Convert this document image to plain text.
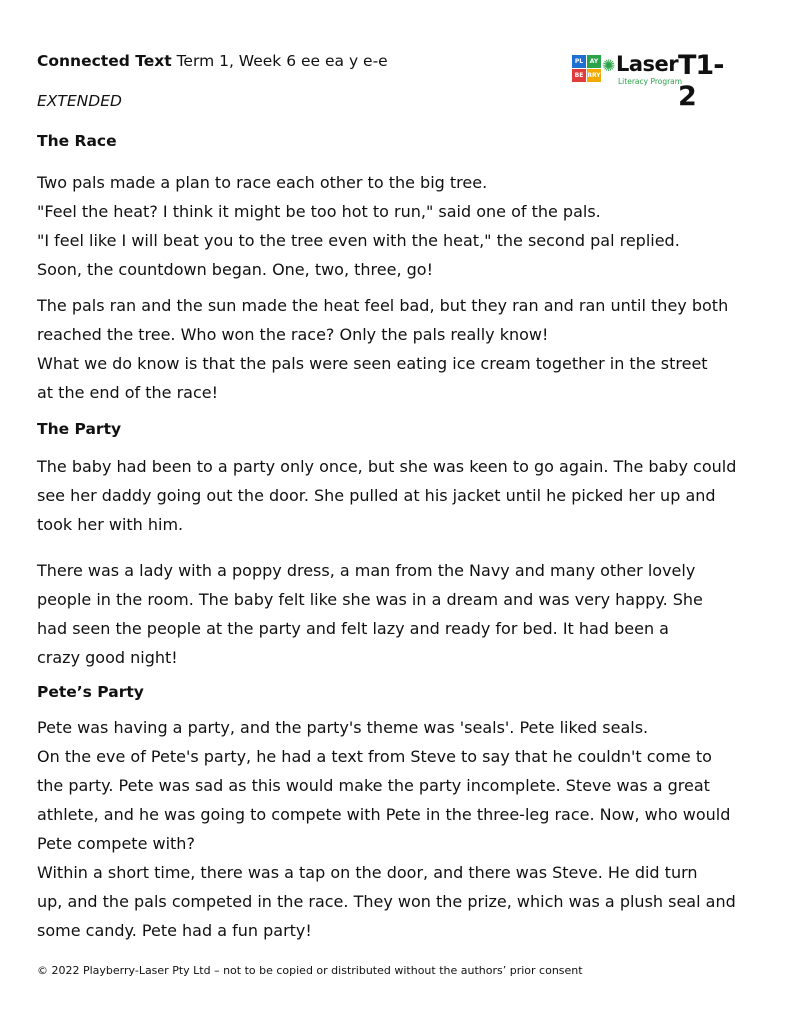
Connected Text Term 1, Week 6 ee ea y e-e	PL	AY
BE RRY
✺ Laser
Literacy Program
T1-2
EXTENDED
The Race
Two pals made a plan to race each other to the big tree.
"Feel the heat? I think it might be too hot to run," said one of the pals.
"I feel like I will beat you to the tree even with the heat," the second pal replied.
Soon, the countdown began. One, two, three, go!
The pals ran and the sun made the heat feel bad, but they ran and ran until they both
reached the tree. Who won the race? Only the pals really know!
What we do know is that the pals were seen eating ice cream together in the street
at the end of the race!
The Party
The baby had been to a party only once, but she was keen to go again. The baby could
see her daddy going out the door. She pulled at his jacket until he picked her up and
took her with him.
There was a lady with a poppy dress, a man from the Navy and many other lovely
people in the room. The baby felt like she was in a dream and was very happy. She
had seen the people at the party and felt lazy and ready for bed. It had been a
crazy good night!
Pete’s Party
Pete was having a party, and the party's theme was 'seals'. Pete liked seals.
On the eve of Pete's party, he had a text from Steve to say that he couldn't come to
the party. Pete was sad as this would make the party incomplete. Steve was a great
athlete, and he was going to compete with Pete in the three-leg race. Now, who would
Pete compete with?
Within a short time, there was a tap on the door, and there was Steve. He did turn
up, and the pals competed in the race. They won the prize, which was a plush seal and
some candy. Pete had a fun party!
© 2022 Playberry-Laser Pty Ltd – not to be copied or distributed without the authors’ prior consent
